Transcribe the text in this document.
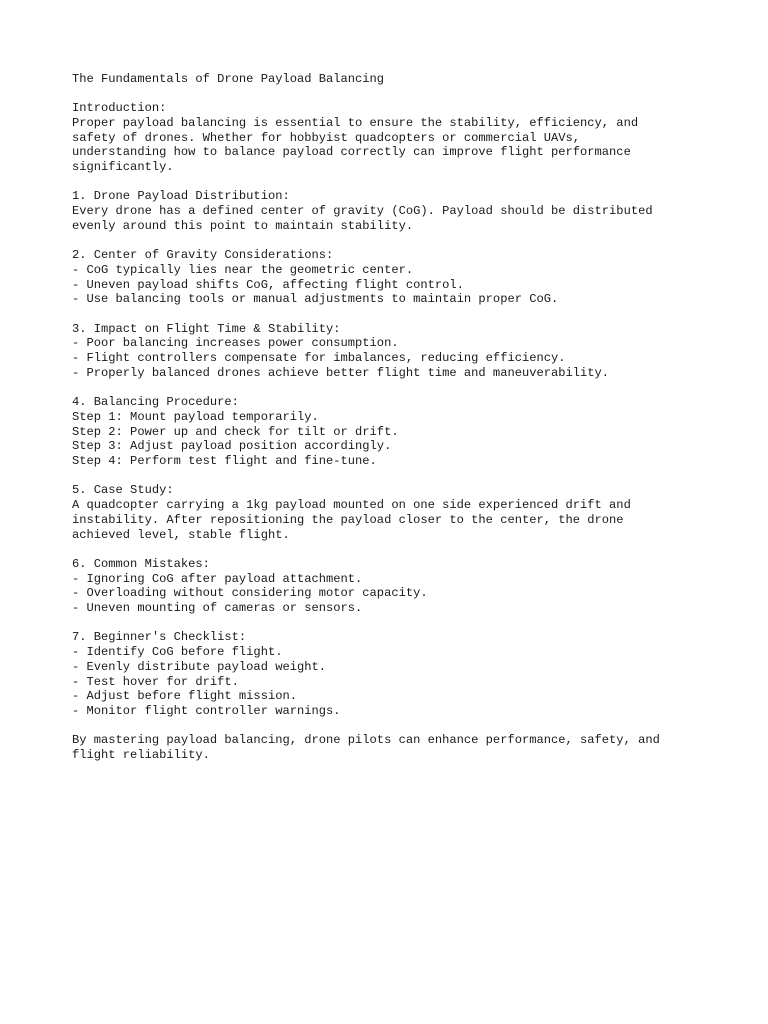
The Fundamentals of Drone Payload Balancing
Introduction:
Proper payload balancing is essential to ensure the stability, efficiency, and
safety of drones. Whether for hobbyist quadcopters or commercial UAVs,
understanding how to balance payload correctly can improve flight performance
significantly.
1. Drone Payload Distribution:
Every drone has a defined center of gravity (CoG). Payload should be distributed
evenly around this point to maintain stability.
2. Center of Gravity Considerations:
- CoG typically lies near the geometric center.
- Uneven payload shifts CoG, affecting flight control.
- Use balancing tools or manual adjustments to maintain proper CoG.
3. Impact on Flight Time & Stability:
- Poor balancing increases power consumption.
- Flight controllers compensate for imbalances, reducing efficiency.
- Properly balanced drones achieve better flight time and maneuverability.
4. Balancing Procedure:
Step 1: Mount payload temporarily.
Step 2: Power up and check for tilt or drift.
Step 3: Adjust payload position accordingly.
Step 4: Perform test flight and fine-tune.
5. Case Study:
A quadcopter carrying a 1kg payload mounted on one side experienced drift and
instability. After repositioning the payload closer to the center, the drone
achieved level, stable flight.
6. Common Mistakes:
- Ignoring CoG after payload attachment.
- Overloading without considering motor capacity.
- Uneven mounting of cameras or sensors.
7. Beginner's Checklist:
- Identify CoG before flight.
- Evenly distribute payload weight.
- Test hover for drift.
- Adjust before flight mission.
- Monitor flight controller warnings.
By mastering payload balancing, drone pilots can enhance performance, safety, and
flight reliability.
